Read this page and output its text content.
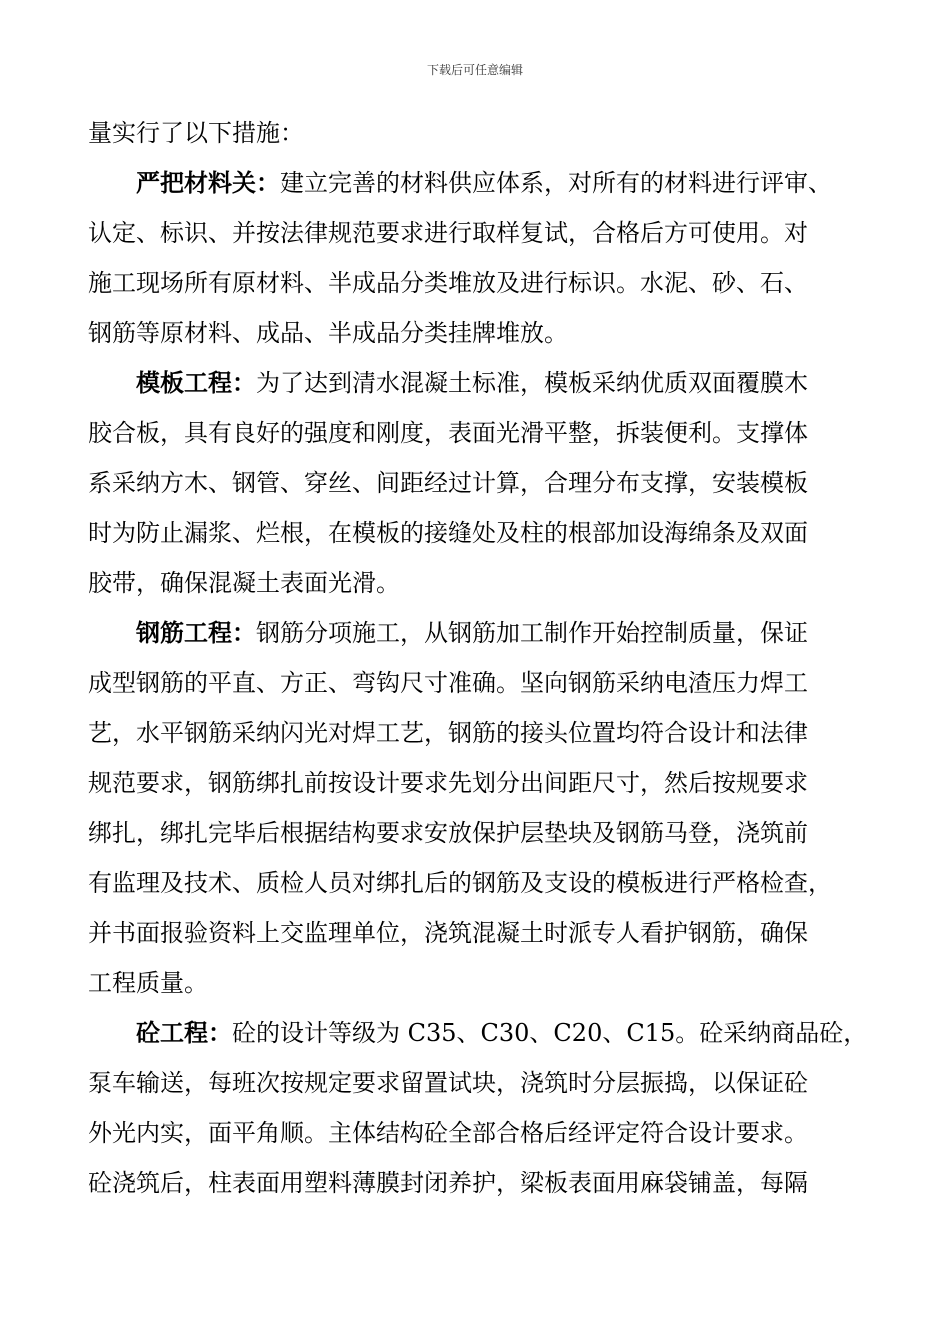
下载后可任意编辑
量实行了以下措施：
严把材料关：建立完善的材料供应体系，对所有的材料进行评审、
认定、标识、并按法律规范要求进行取样复试，合格后方可使用。对
施工现场所有原材料、半成品分类堆放及进行标识。水泥、砂、石、
钢筋等原材料、成品、半成品分类挂牌堆放。
模板工程：为了达到清水混凝土标准，模板采纳优质双面覆膜木
胶合板，具有良好的强度和刚度，表面光滑平整，拆装便利。支撑体
系采纳方木、钢管、穿丝、间距经过计算，合理分布支撑，安装模板
时为防止漏浆、烂根，在模板的接缝处及柱的根部加设海绵条及双面
胶带，确保混凝土表面光滑。
钢筋工程：钢筋分项施工，从钢筋加工制作开始控制质量，保证
成型钢筋的平直、方正、弯钩尺寸准确。坚向钢筋采纳电渣压力焊工
艺，水平钢筋采纳闪光对焊工艺，钢筋的接头位置均符合设计和法律
规范要求，钢筋绑扎前按设计要求先划分出间距尺寸，然后按规要求
绑扎，绑扎完毕后根据结构要求安放保护层垫块及钢筋马登，浇筑前
有监理及技术、质检人员对绑扎后的钢筋及支设的模板进行严格检查，
并书面报验资料上交监理单位，浇筑混凝土时派专人看护钢筋，确保
工程质量。
砼工程：砼的设计等级为 C35、C30、C20、C15。砼采纳商品砼，
泵车输送，每班次按规定要求留置试块，浇筑时分层振捣，以保证砼
外光内实，面平角顺。主体结构砼全部合格后经评定符合设计要求。
砼浇筑后，柱表面用塑料薄膜封闭养护，梁板表面用麻袋铺盖，每隔
